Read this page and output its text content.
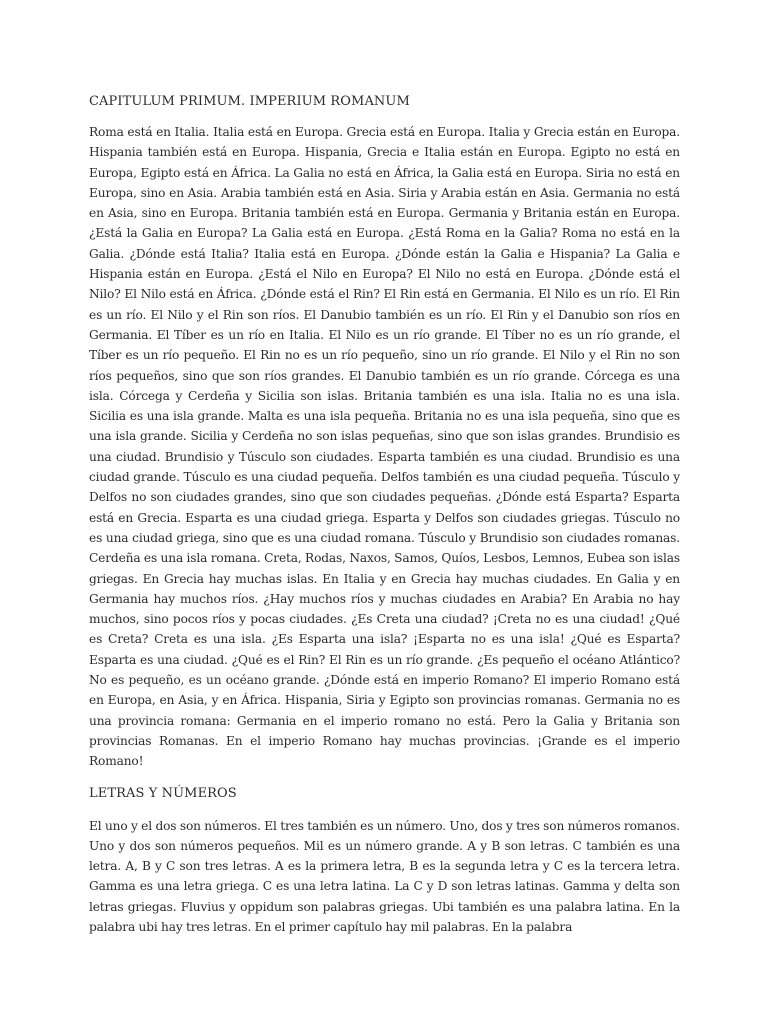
CAPITULUM PRIMUM. IMPERIUM ROMANUM

Roma está en Italia. Italia está en Europa. Grecia está en Europa. Italia y Grecia están en Europa. Hispania también está en Europa. Hispania, Grecia e Italia están en Europa. Egipto no está en Europa, Egipto está en África. La Galia no está en África, la Galia está en Europa. Siria no está en Europa, sino en Asia. Arabia también está en Asia. Siria y Arabia están en Asia. Germania no está en Asia, sino en Europa. Britania también está en Europa. Germania y Britania están en Europa. ¿Está la Galia en Europa? La Galia está en Europa. ¿Está Roma en la Galia? Roma no está en la Galia. ¿Dónde está Italia? Italia está en Europa. ¿Dónde están la Galia e Hispania? La Galia e Hispania están en Europa. ¿Está el Nilo en Europa? El Nilo no está en Europa. ¿Dónde está el Nilo? El Nilo está en África. ¿Dónde está el Rin? El Rin está en Germania. El Nilo es un río. El Rin es un río. El Nilo y el Rin son ríos. El Danubio también es un río. El Rin y el Danubio son ríos en Germania. El Tíber es un río en Italia. El Nilo es un río grande. El Tíber no es un río grande, el Tíber es un río pequeño. El Rin no es un río pequeño, sino un río grande. El Nilo y el Rin no son ríos pequeños, sino que son ríos grandes. El Danubio también es un río grande. Córcega es una isla. Córcega y Cerdeña y Sicilia son islas. Britania también es una isla. Italia no es una isla. Sicilia es una isla grande. Malta es una isla pequeña. Britania no es una isla pequeña, sino que es una isla grande. Sicilia y Cerdeña no son islas pequeñas, sino que son islas grandes. Brundisio es una ciudad. Brundisio y Túsculo son ciudades. Esparta también es una ciudad. Brundisio es una ciudad grande. Túsculo es una ciudad pequeña. Delfos también es una ciudad pequeña. Túsculo y Delfos no son ciudades grandes, sino que son ciudades pequeñas. ¿Dónde está Esparta? Esparta está en Grecia. Esparta es una ciudad griega. Esparta y Delfos son ciudades griegas. Túsculo no es una ciudad griega, sino que es una ciudad romana. Túsculo y Brundisio son ciudades romanas. Cerdeña es una isla romana. Creta, Rodas, Naxos, Samos, Quíos, Lesbos, Lemnos, Eubea son islas griegas. En Grecia hay muchas islas. En Italia y en Grecia hay muchas ciudades. En Galia y en Germania hay muchos ríos. ¿Hay muchos ríos y muchas ciudades en Arabia? En Arabia no hay muchos, sino pocos ríos y pocas ciudades. ¿Es Creta una ciudad? ¡Creta no es una ciudad! ¿Qué es Creta? Creta es una isla. ¿Es Esparta una isla? ¡Esparta no es una isla! ¿Qué es Esparta? Esparta es una ciudad. ¿Qué es el Rin? El Rin es un río grande. ¿Es pequeño el océano Atlántico? No es pequeño, es un océano grande. ¿Dónde está en imperio Romano? El imperio Romano está en Europa, en Asia, y en África. Hispania, Siria y Egipto son provincias romanas. Germania no es una provincia romana: Germania en el imperio romano no está. Pero la Galia y Britania son provincias Romanas. En el imperio Romano hay muchas provincias. ¡Grande es el imperio Romano!

LETRAS Y NÚMEROS

El uno y el dos son números. El tres también es un número. Uno, dos y tres son números romanos. Uno y dos son números pequeños. Mil es un número grande. A y B son letras. C también es una letra. A, B y C son tres letras. A es la primera letra, B es la segunda letra y C es la tercera letra. Gamma es una letra griega. C es una letra latina. La C y D son letras latinas. Gamma y delta son letras griegas. Fluvius y oppidum son palabras griegas. Ubi también es una palabra latina. En la palabra ubi hay tres letras. En el primer capítulo hay mil palabras. En la palabra
